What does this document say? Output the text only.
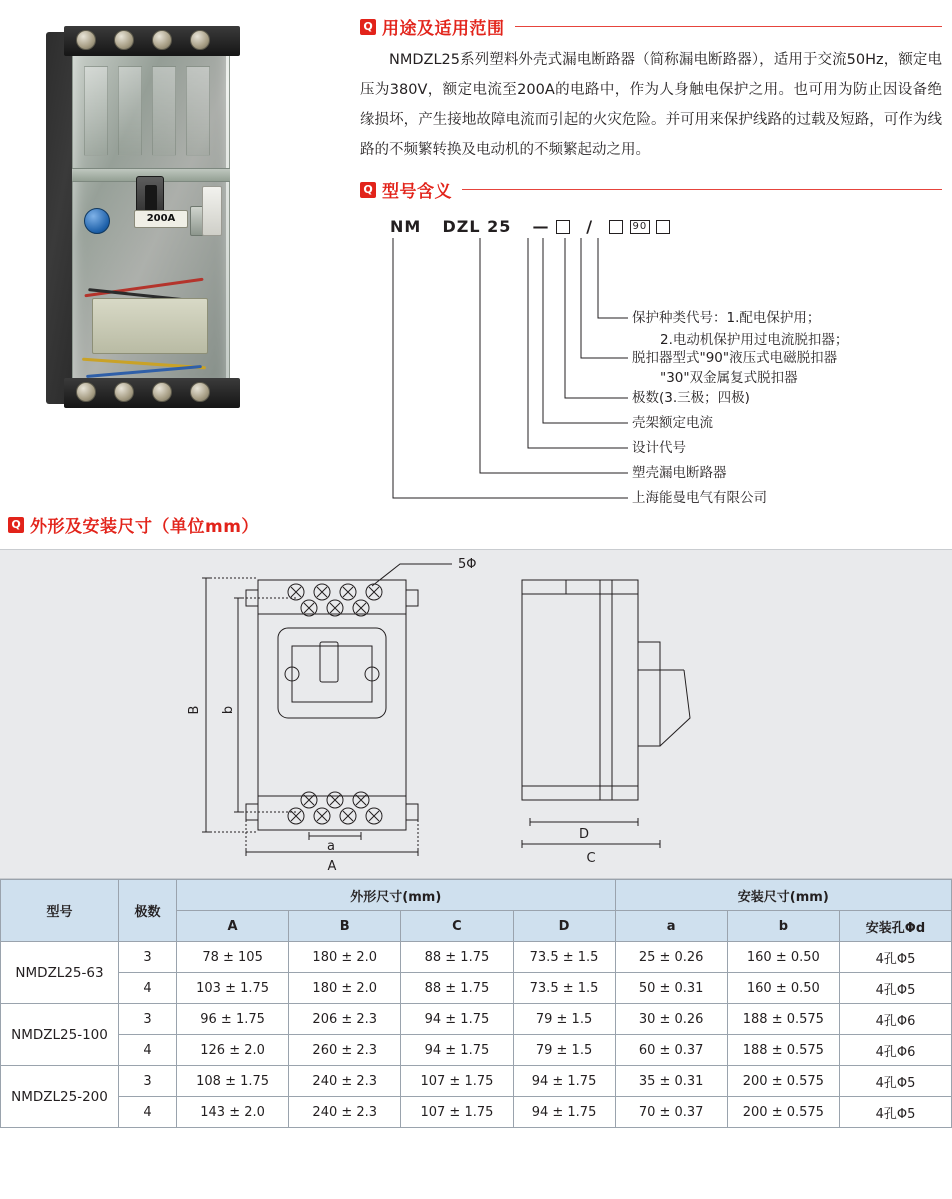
200A
Q 用途及适用范围
NMDZL25系列塑料外壳式漏电断路器（简称漏电断路器），适用于交流50Hz，额定电压为380V，额定电流至200A的电路中，作为人身触电保护之用。也可用为防止因设备绝缘损坏，产生接地故障电流而引起的火灾危险。并可用来保护线路的过载及短路，可作为线路的不频繁转换及电动机的不频繁起动之用。
Q 型号含义
NM DZL 25 — /	90
保护种类代号：1.配电保护用；
2.电动机保护用过电流脱扣器；
脱扣器型式"90"液压式电磁脱扣器
"30"双金属复式脱扣器
极数(3.三极；四极)
壳架额定电流
设计代号
塑壳漏电断路器
上海能曼电气有限公司
Q 外形及安装尺寸（单位mm）
5Φ
B b
a
A
D
C
型号	极数	外形尺寸(mm)				安装尺寸(mm)		
		A	B	C	D	a	b	安装孔Φd
NMDZL25-63	3	78 ± 105	180 ± 2.0	88 ± 1.75	73.5 ± 1.5	25 ± 0.26	160 ± 0.50	4孔Φ5
	4	103 ± 1.75	180 ± 2.0	88 ± 1.75	73.5 ± 1.5	50 ± 0.31	160 ± 0.50	4孔Φ5
NMDZL25-100	3	96 ± 1.75	206 ± 2.3	94 ± 1.75	79 ± 1.5	30 ± 0.26	188 ± 0.575	4孔Φ6
	4	126 ± 2.0	260 ± 2.3	94 ± 1.75	79 ± 1.5	60 ± 0.37	188 ± 0.575	4孔Φ6
NMDZL25-200	3	108 ± 1.75	240 ± 2.3	107 ± 1.75	94 ± 1.75	35 ± 0.31	200 ± 0.575	4孔Φ5
	4	143 ± 2.0	240 ± 2.3	107 ± 1.75	94 ± 1.75	70 ± 0.37	200 ± 0.575	4孔Φ5
